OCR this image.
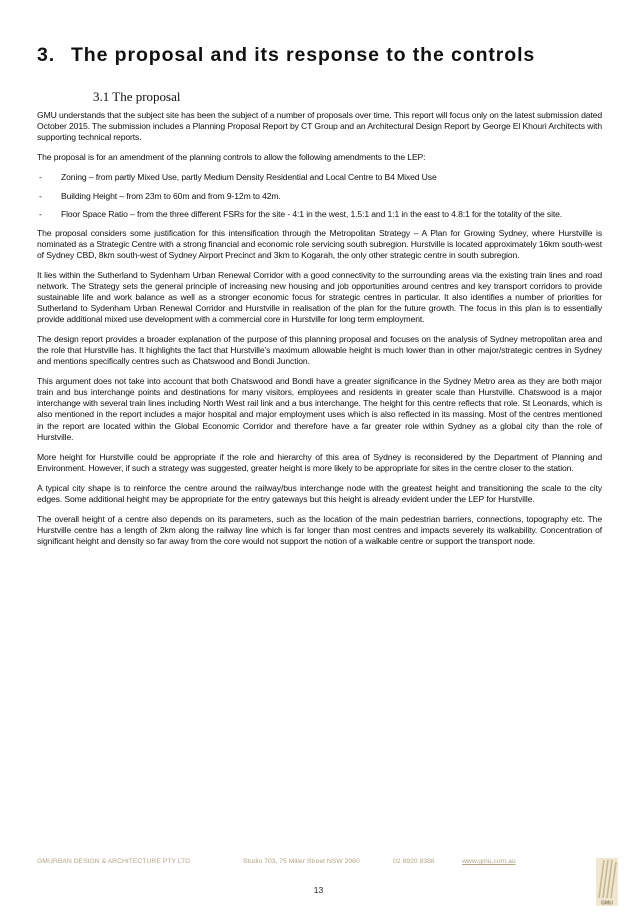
3. The proposal and its response to the controls
3.1 The proposal

GMU understands that the subject site has been the subject of a number of proposals over time. This report will focus only on the latest submission dated October 2015. The submission includes a Planning Proposal Report by CT Group and an Architectural Design Report by George El Khouri Architects with supporting technical reports.

The proposal is for an amendment of the planning controls to allow the following amendments to the LEP:

- Zoning – from partly Mixed Use, partly Medium Density Residential and Local Centre to B4 Mixed Use
- Building Height – from 23m to 60m and from 9-12m to 42m.
- Floor Space Ratio – from the three different FSRs for the site - 4:1 in the west, 1.5:1 and 1:1 in the east to 4.8:1 for the totality of the site.

The proposal considers some justification for this intensification through the Metropolitan Strategy – A Plan for Growing Sydney, where Hurstville is nominated as a Strategic Centre with a strong financial and economic role servicing south subregion. Hurstville is located approximately 16km south-west of Sydney CBD, 8km south-west of Sydney Airport Precinct and 3km to Kogarah, the only other strategic centre in south subregion.

It lies within the Sutherland to Sydenham Urban Renewal Corridor with a good connectivity to the surrounding areas via the existing train lines and road network. The Strategy sets the general principle of increasing new housing and job opportunities around centres and key transport corridors to provide sustainable life and work balance as well as a stronger economic focus for strategic centres in particular. It also identifies a number of priorities for Sutherland to Sydenham Urban Renewal Corridor and Hurstville in realisation of the plan for the future growth. The focus in this plan is to essentially provide additional mixed use development with a commercial core in Hurstville for long term employment.

The design report provides a broader explanation of the purpose of this planning proposal and focuses on the analysis of Sydney metropolitan area and the role that Hurstville has. It highlights the fact that Hurstville’s maximum allowable height is much lower than in other major/strategic centres in Sydney and mentions specifically centres such as Chatswood and Bondi Junction.

This argument does not take into account that both Chatswood and Bondi have a greater significance in the Sydney Metro area as they are both major train and bus interchange points and destinations for many visitors, employees and residents in greater scale than Hurstville. Chatswood is a major interchange with several train lines including North West rail link and a bus interchange. The height for this centre reflects that role. St Leonards, which is also mentioned in the report includes a major hospital and major employment uses which is also reflected in its massing. Most of the centres mentioned in the report are located within the Global Economic Corridor and therefore have a far greater role within Sydney as a global city than the role of Hurstville.

More height for Hurstville could be appropriate if the role and hierarchy of this area of Sydney is reconsidered by the Department of Planning and Environment. However, if such a strategy was suggested, greater height is more likely to be appropriate for sites in the centre closer to the station.

A typical city shape is to reinforce the centre around the railway/bus interchange node with the greatest height and transitioning the scale to the city edges. Some additional height may be appropriate for the entry gateways but this height is already evident under the LEP for Hurstville.

The overall height of a centre also depends on its parameters, such as the location of the main pedestrian barriers, connections, topography etc. The Hurstville centre has a length of 2km along the railway line which is far longer than most centres and impacts severely its walkability. Concentration of significant height and density so far away from the core would not support the notion of a walkable centre or support the transport node.

GMURBAN DESIGN & ARCHITECTURE PTY LTD	Studio 703, 75 Miller Street NSW 2060	02 8920 8388	www.gmu.com.au
GMU
13
